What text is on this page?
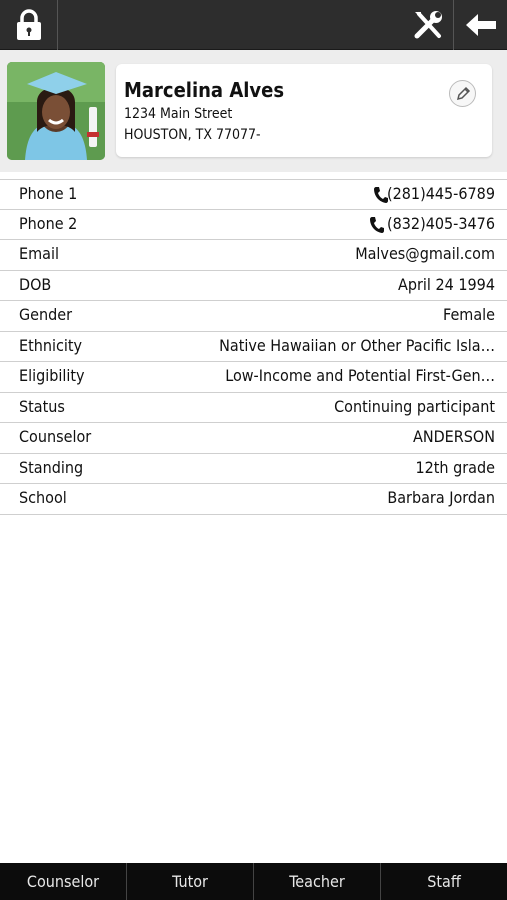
Marcelina Alves
1234 Main Street
HOUSTON, TX 77077-
Phone 1	(281)445-6789
Phone 2	(832)405-3476
Email	Malves@gmail.com
DOB	April 24 1994
Gender	Female
Ethnicity	Native Hawaiian or Other Pacific Isla…
Eligibility	Low-Income and Potential First-Gen…
Status	Continuing participant
Counselor	ANDERSON
Standing	12th grade
School	Barbara Jordan
Counselor	Tutor	Teacher	Staff
